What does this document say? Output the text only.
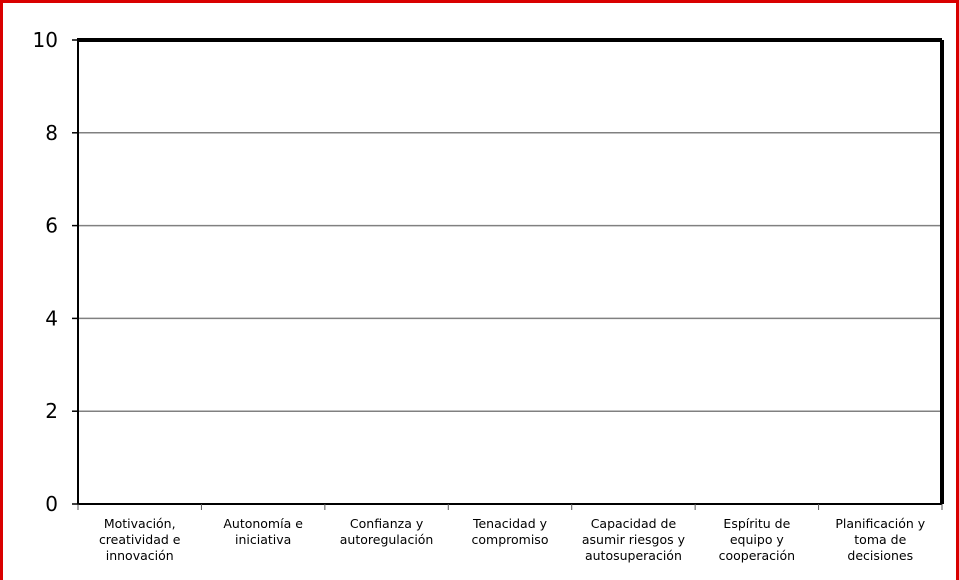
0
2
4
6
8
10
Motivación, creatividad e innovación
Autonomía e iniciativa
Confianza y autoregulación
Tenacidad y compromiso
Capacidad de asumir riesgos y autosuperación
Espíritu de equipo y cooperación
Planificación y toma de decisiones
